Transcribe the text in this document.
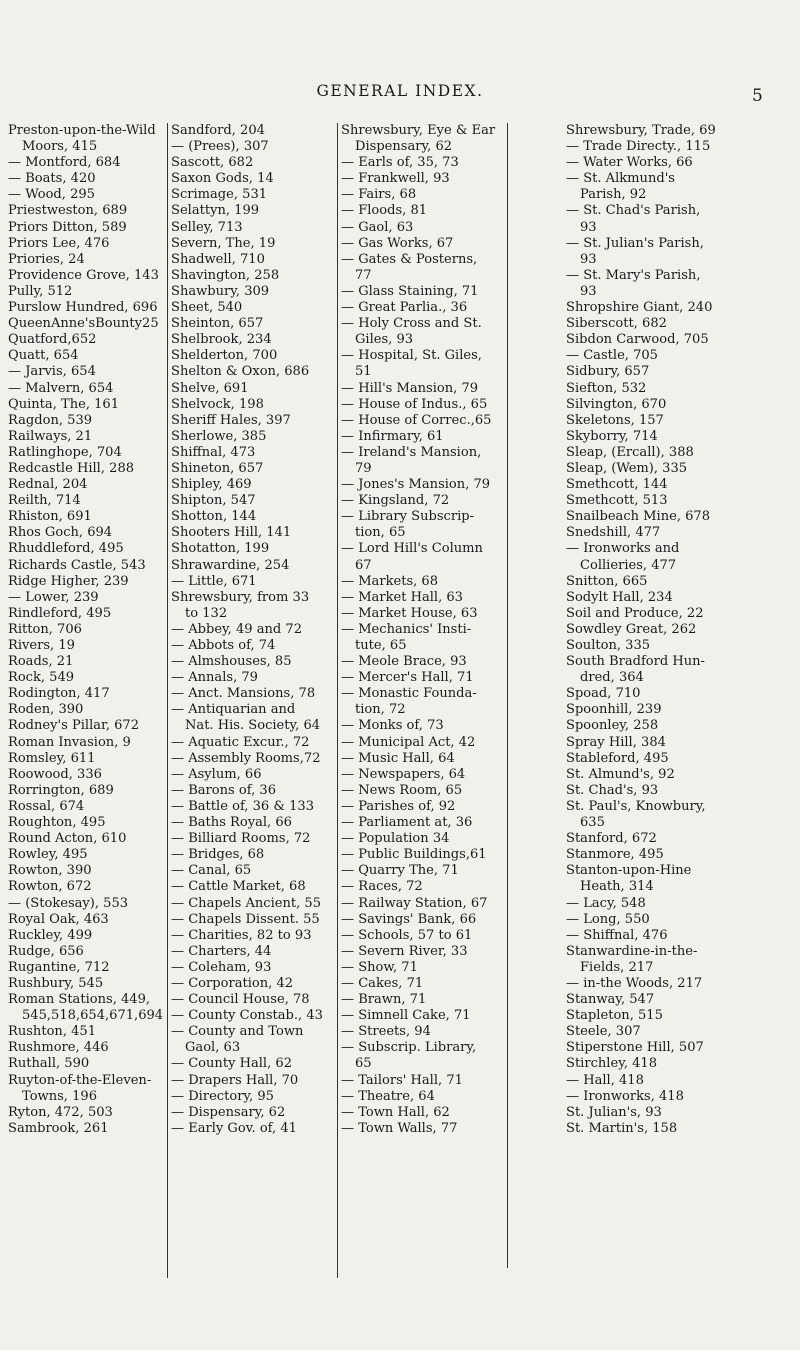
GENERAL INDEX.	5
Preston-upon-the-Wild
Moors, 415
— Montford, 684
— Boats, 420
— Wood, 295
Priestweston, 689
Priors Ditton, 589
Priors Lee, 476
Priories, 24
Providence Grove, 143
Pully, 512
Purslow Hundred, 696
QueenAnne'sBounty25
Quatford,652
Quatt, 654
— Jarvis, 654
— Malvern, 654
Quinta, The, 161
Ragdon, 539
Railways, 21
Ratlinghope, 704
Redcastle Hill, 288
Rednal, 204
Reilth, 714
Rhiston, 691
Rhos Goch, 694
Rhuddleford, 495
Richards Castle, 543
Ridge Higher, 239
— Lower, 239
Rindleford, 495
Ritton, 706
Rivers, 19
Roads, 21
Rock, 549
Rodington, 417
Roden, 390
Rodney's Pillar, 672
Roman Invasion, 9
Romsley, 611
Roowood, 336
Rorrington, 689
Rossal, 674
Roughton, 495
Round Acton, 610
Rowley, 495
Rowton, 390
Rowton, 672
— (Stokesay), 553
Royal Oak, 463
Ruckley, 499
Rudge, 656
Rugantine, 712
Rushbury, 545
Roman Stations, 449,
545,518,654,671,694
Rushton, 451
Rushmore, 446
Ruthall, 590
Ruyton-of-the-Eleven-
Towns, 196
Ryton, 472, 503
Sambrook, 261
Sandford, 204
— (Prees), 307
Sascott, 682
Saxon Gods, 14
Scrimage, 531
Selattyn, 199
Selley, 713
Severn, The, 19
Shadwell, 710
Shavington, 258
Shawbury, 309
Sheet, 540
Sheinton, 657
Shelbrook, 234
Shelderton, 700
Shelton & Oxon, 686
Shelve, 691
Shelvock, 198
Sheriff Hales, 397
Sherlowe, 385
Shiffnal, 473
Shineton, 657
Shipley, 469
Shipton, 547
Shotton, 144
Shooters Hill, 141
Shotatton, 199
Shrawardine, 254
— Little, 671
Shrewsbury, from 33
to 132
— Abbey, 49 and 72
— Abbots of, 74
— Almshouses, 85
— Annals, 79
— Anct. Mansions, 78
— Antiquarian and
Nat. His. Society, 64
— Aquatic Excur., 72
— Assembly Rooms,72
— Asylum, 66
— Barons of, 36
— Battle of, 36 & 133
— Baths Royal, 66
— Billiard Rooms, 72
— Bridges, 68
— Canal, 65
— Cattle Market, 68
— Chapels Ancient, 55
— Chapels Dissent. 55
— Charities, 82 to 93
— Charters, 44
— Coleham, 93
— Corporation, 42
— Council House, 78
— County Constab., 43
— County and Town
Gaol, 63
— County Hall, 62
— Drapers Hall, 70
— Directory, 95
— Dispensary, 62
— Early Gov. of, 41
Shrewsbury, Eye & Ear
Dispensary, 62
— Earls of, 35, 73
— Frankwell, 93
— Fairs, 68
— Floods, 81
— Gaol, 63
— Gas Works, 67
— Gates & Posterns,
77
— Glass Staining, 71
— Great Parlia., 36
— Holy Cross and St.
Giles, 93
— Hospital, St. Giles,
51
— Hill's Mansion, 79
— House of Indus., 65
— House of Correc.,65
— Infirmary, 61
— Ireland's Mansion,
79
— Jones's Mansion, 79
— Kingsland, 72
— Library Subscrip-
tion, 65
— Lord Hill's Column
67
— Markets, 68
— Market Hall, 63
— Market House, 63
— Mechanics' Insti-
tute, 65
— Meole Brace, 93
— Mercer's Hall, 71
— Monastic Founda-
tion, 72
— Monks of, 73
— Municipal Act, 42
— Music Hall, 64
— Newspapers, 64
— News Room, 65
— Parishes of, 92
— Parliament at, 36
— Population 34
— Public Buildings,61
— Quarry The, 71
— Races, 72
— Railway Station, 67
— Savings' Bank, 66
— Schools, 57 to 61
— Severn River, 33
— Show, 71
— Cakes, 71
— Brawn, 71
— Simnell Cake, 71
— Streets, 94
— Subscrip. Library,
65
— Tailors' Hall, 71
— Theatre, 64
— Town Hall, 62
— Town Walls, 77
Shrewsbury, Trade, 69
— Trade Directy., 115
— Water Works, 66
— St. Alkmund's
Parish, 92
— St. Chad's Parish,
93
— St. Julian's Parish,
93
— St. Mary's Parish,
93
Shropshire Giant, 240
Siberscott, 682
Sibdon Carwood, 705
— Castle, 705
Sidbury, 657
Siefton, 532
Silvington, 670
Skeletons, 157
Skyborry, 714
Sleap, (Ercall), 388
Sleap, (Wem), 335
Smethcott, 144
Smethcott, 513
Snailbeach Mine, 678
Snedshill, 477
— Ironworks and
Collieries, 477
Snitton, 665
Sodylt Hall, 234
Soil and Produce, 22
Sowdley Great, 262
Soulton, 335
South Bradford Hun-
dred, 364
Spoad, 710
Spoonhill, 239
Spoonley, 258
Spray Hill, 384
Stableford, 495
St. Almund's, 92
St. Chad's, 93
St. Paul's, Knowbury,
635
Stanford, 672
Stanmore, 495
Stanton-upon-Hine
Heath, 314
— Lacy, 548
— Long, 550
— Shiffnal, 476
Stanwardine-in-the-
Fields, 217
— in-the Woods, 217
Stanway, 547
Stapleton, 515
Steele, 307
Stiperstone Hill, 507
Stirchley, 418
— Hall, 418
— Ironworks, 418
St. Julian's, 93
St. Martin's, 158
